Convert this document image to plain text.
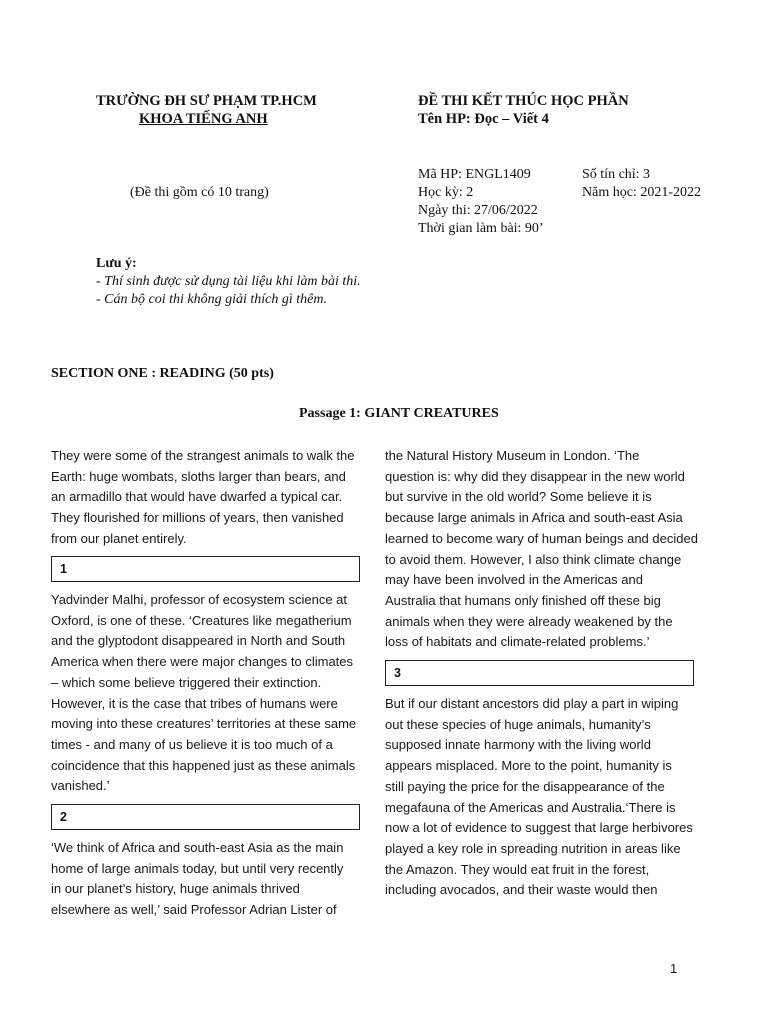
TRƯỜNG ĐH SƯ PHẠM TP.HCM
KHOA TIẾNG ANH
ĐỀ THI KẾT THÚC HỌC PHẦN
Tên HP: Đọc – Viết 4
(Đề thi gồm có 10 trang)
Mã HP: ENGL1409	Số tín chỉ: 3
Học kỳ: 2	Năm học: 2021-2022
Ngày thi: 27/06/2022
Thời gian làm bài: 90’
Lưu ý:
- Thí sinh được sử dụng tài liệu khi làm bài thi.
- Cán bộ coi thi không giải thích gì thêm.
SECTION ONE : READING (50 pts)
Passage 1: GIANT CREATURES

They were some of the strangest animals to walk the

Earth: huge wombats, sloths larger than bears, and

an armadillo that would have dwarfed a typical car.

They flourished for millions of years, then vanished

from our planet entirely.

1

Yadvinder Malhi, professor of ecosystem science at

Oxford, is one of these. ‘Creatures like megatherium

and the glyptodont disappeared in North and South

America when there were major changes to climates

– which some believe triggered their extinction.

However, it is the case that tribes of humans were

moving into these creatures’ territories at these same

times - and many of us believe it is too much of a

coincidence that this happened just as these animals

vanished.’

2

‘We think of Africa and south-east Asia as the main

home of large animals today, but until very recently

in our planet’s history, huge animals thrived

elsewhere as well,’ said Professor Adrian Lister of

the Natural History Museum in London. ‘The

question is: why did they disappear in the new world

but survive in the old world? Some believe it is

because large animals in Africa and south-east Asia

learned to become wary of human beings and decided

to avoid them. However, I also think climate change

may have been involved in the Americas and

Australia that humans only finished off these big

animals when they were already weakened by the

loss of habitats and climate-related problems.’

3

But if our distant ancestors did play a part in wiping

out these species of huge animals, humanity’s

supposed innate harmony with the living world

appears misplaced. More to the point, humanity is

still paying the price for the disappearance of the

megafauna of the Americas and Australia.‘There is

now a lot of evidence to suggest that large herbivores

played a key role in spreading nutrition in areas like

the Amazon. They would eat fruit in the forest,

including avocados, and their waste would then

1
